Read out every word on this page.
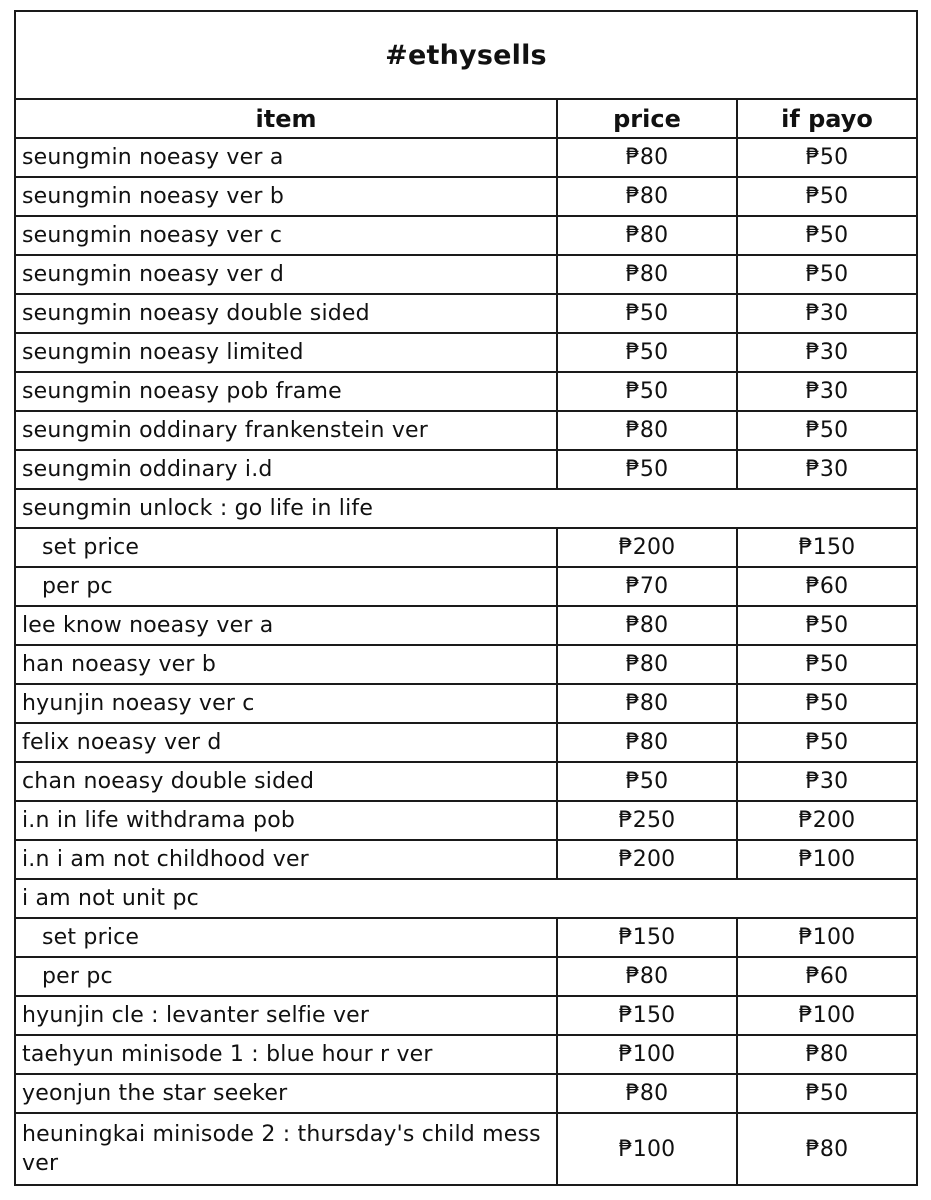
#ethysells		
item	price	if payo
seungmin noeasy ver a	₱80	₱50
seungmin noeasy ver b	₱80	₱50
seungmin noeasy ver c	₱80	₱50
seungmin noeasy ver d	₱80	₱50
seungmin noeasy double sided	₱50	₱30
seungmin noeasy limited	₱50	₱30
seungmin noeasy pob frame	₱50	₱30
seungmin oddinary frankenstein ver	₱80	₱50
seungmin oddinary i.d	₱50	₱30
seungmin unlock : go life in life		
set price	₱200	₱150
per pc	₱70	₱60
lee know noeasy ver a	₱80	₱50
han noeasy ver b	₱80	₱50
hyunjin noeasy ver c	₱80	₱50
felix noeasy ver d	₱80	₱50
chan noeasy double sided	₱50	₱30
i.n in life withdrama pob	₱250	₱200
i.n i am not childhood ver	₱200	₱100
i am not unit pc		
set price	₱150	₱100
per pc	₱80	₱60
hyunjin cle : levanter selfie ver	₱150	₱100
taehyun minisode 1 : blue hour r ver	₱100	₱80
yeonjun the star seeker	₱80	₱50
heuningkai minisode 2 : thursday's child mess ver	₱100	₱80
